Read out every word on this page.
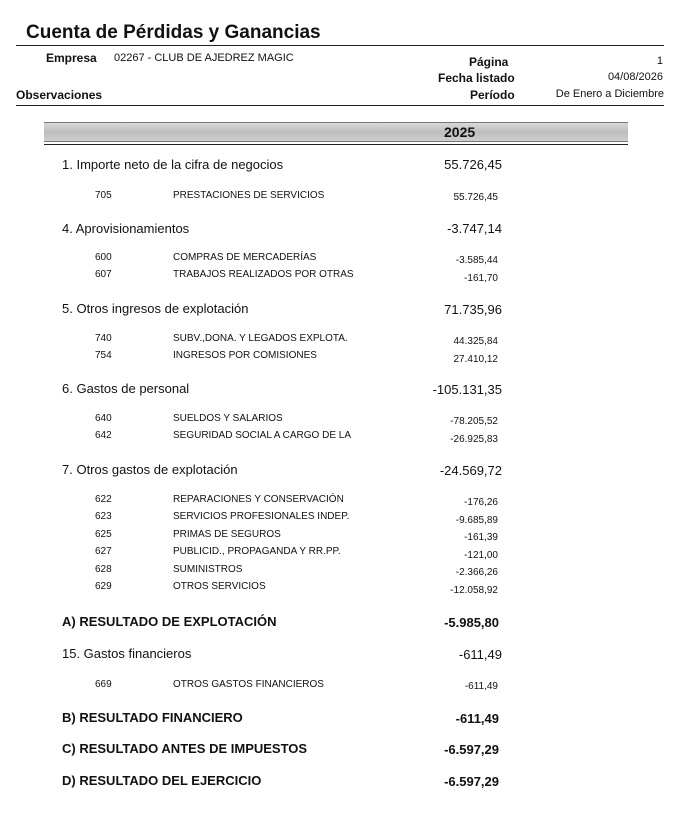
Cuenta de Pérdidas y Ganancias
Empresa 02267 - CLUB DE AJEDREZ MAGIC	Página	1
Fecha listado	04/08/2026
Observaciones	Período	De Enero a Diciembre
2025
1. Importe neto de la cifra de negocios	55.726,45
705	PRESTACIONES DE SERVICIOS	55.726,45
4. Aprovisionamientos	-3.747,14
600	COMPRAS DE MERCADERÍAS	-3.585,44
607	TRABAJOS REALIZADOS POR OTRAS	-161,70
5. Otros ingresos de explotación	71.735,96
740	SUBV.,DONA. Y LEGADOS EXPLOTA.	44.325,84
754	INGRESOS POR COMISIONES	27.410,12
6. Gastos de personal	-105.131,35
640	SUELDOS Y SALARIOS	-78.205,52
642	SEGURIDAD SOCIAL A CARGO DE LA	-26.925,83
7. Otros gastos de explotación	-24.569,72
622	REPARACIONES Y CONSERVACIÓN	-176,26
623	SERVICIOS PROFESIONALES INDEP.	-9.685,89
625	PRIMAS DE SEGUROS	-161,39
627	PUBLICID., PROPAGANDA Y RR.PP.	-121,00
628	SUMINISTROS	-2.366,26
629	OTROS SERVICIOS	-12.058,92
A) RESULTADO DE EXPLOTACIÓN	-5.985,80
15. Gastos financieros	-611,49
669	OTROS GASTOS FINANCIEROS	-611,49
B) RESULTADO FINANCIERO	-611,49
C) RESULTADO ANTES DE IMPUESTOS	-6.597,29
D) RESULTADO DEL EJERCICIO	-6.597,29
